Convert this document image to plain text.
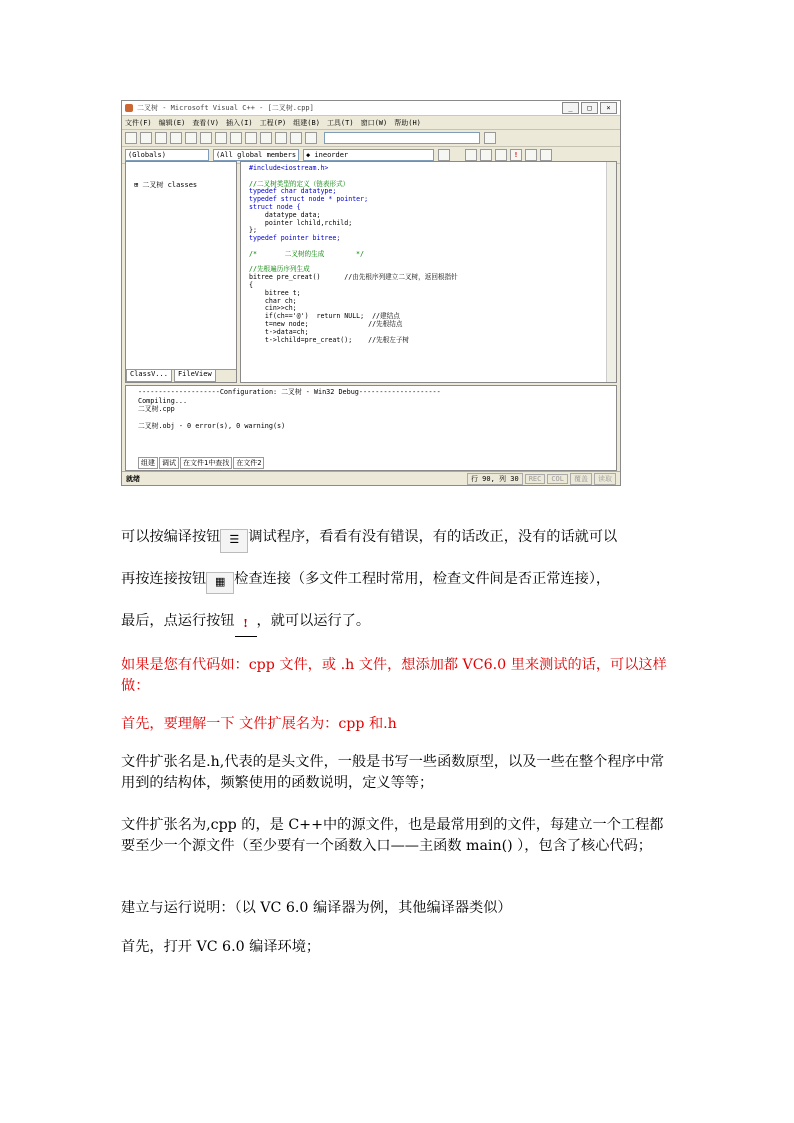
二叉树 - Microsoft Visual C++ - [二叉树.cpp]	_	□	×
文件(F) 编辑(E) 查看(V) 插入(I) 工程(P) 组建(B) 工具(T) 窗口(W) 帮助(H)
(Globals)	(All global members	◆ ineorder	!
⊞ 二叉树 classes
ClassV...	FileView
#include<iostream.h>

//二叉树类型的定义（链表形式）
typedef char datatype;
typedef struct node * pointer;
struct node {
datatype data;
pointer lchild,rchild;
};
typedef pointer bitree;

/*       二叉树的生成        */

//先根遍历序列生成
bitree pre_creat()      //由先根序列建立二叉树，返回根指针
{
bitree t;
char ch;
cin>>ch;
if(ch=='@')  return NULL;  //建结点
t=new node;               //先根结点
t->data=ch;
t->lchild=pre_creat();    //先根左子树
--------------------Configuration: 二叉树 - Win32 Debug--------------------
Compiling...
二叉树.cpp

二叉树.obj - 0 error(s), 0 warning(s)
组建	调试	在文件1中查找	在文件2
就绪	行 90, 列 30	REC	COL	覆盖	读取

可以按编译按钮 ☰ 调试程序，看看有没有错误，有的话改正，没有的话就可以

再按连接按钮 ▦ 检查连接（多文件工程时常用，检查文件间是否正常连接），

最后，点运行按钮 ! ，就可以运行了。

如果是您有代码如：cpp 文件，或 .h 文件，想添加都 VC6.0 里来测试的话，可以这样做：

首先，要理解一下 文件扩展名为：cpp 和.h

文件扩张名是.h,代表的是头文件，一般是书写一些函数原型，以及一些在整个程序中常用到的结构体，频繁使用的函数说明，定义等等；

文件扩张名为,cpp 的，是 C++中的源文件，也是最常用到的文件，每建立一个工程都要至少一个源文件（至少要有一个函数入口——主函数 main() ），包含了核心代码；

建立与运行说明：（以 VC 6.0 编译器为例，其他编译器类似）

首先，打开 VC 6.0 编译环境；
